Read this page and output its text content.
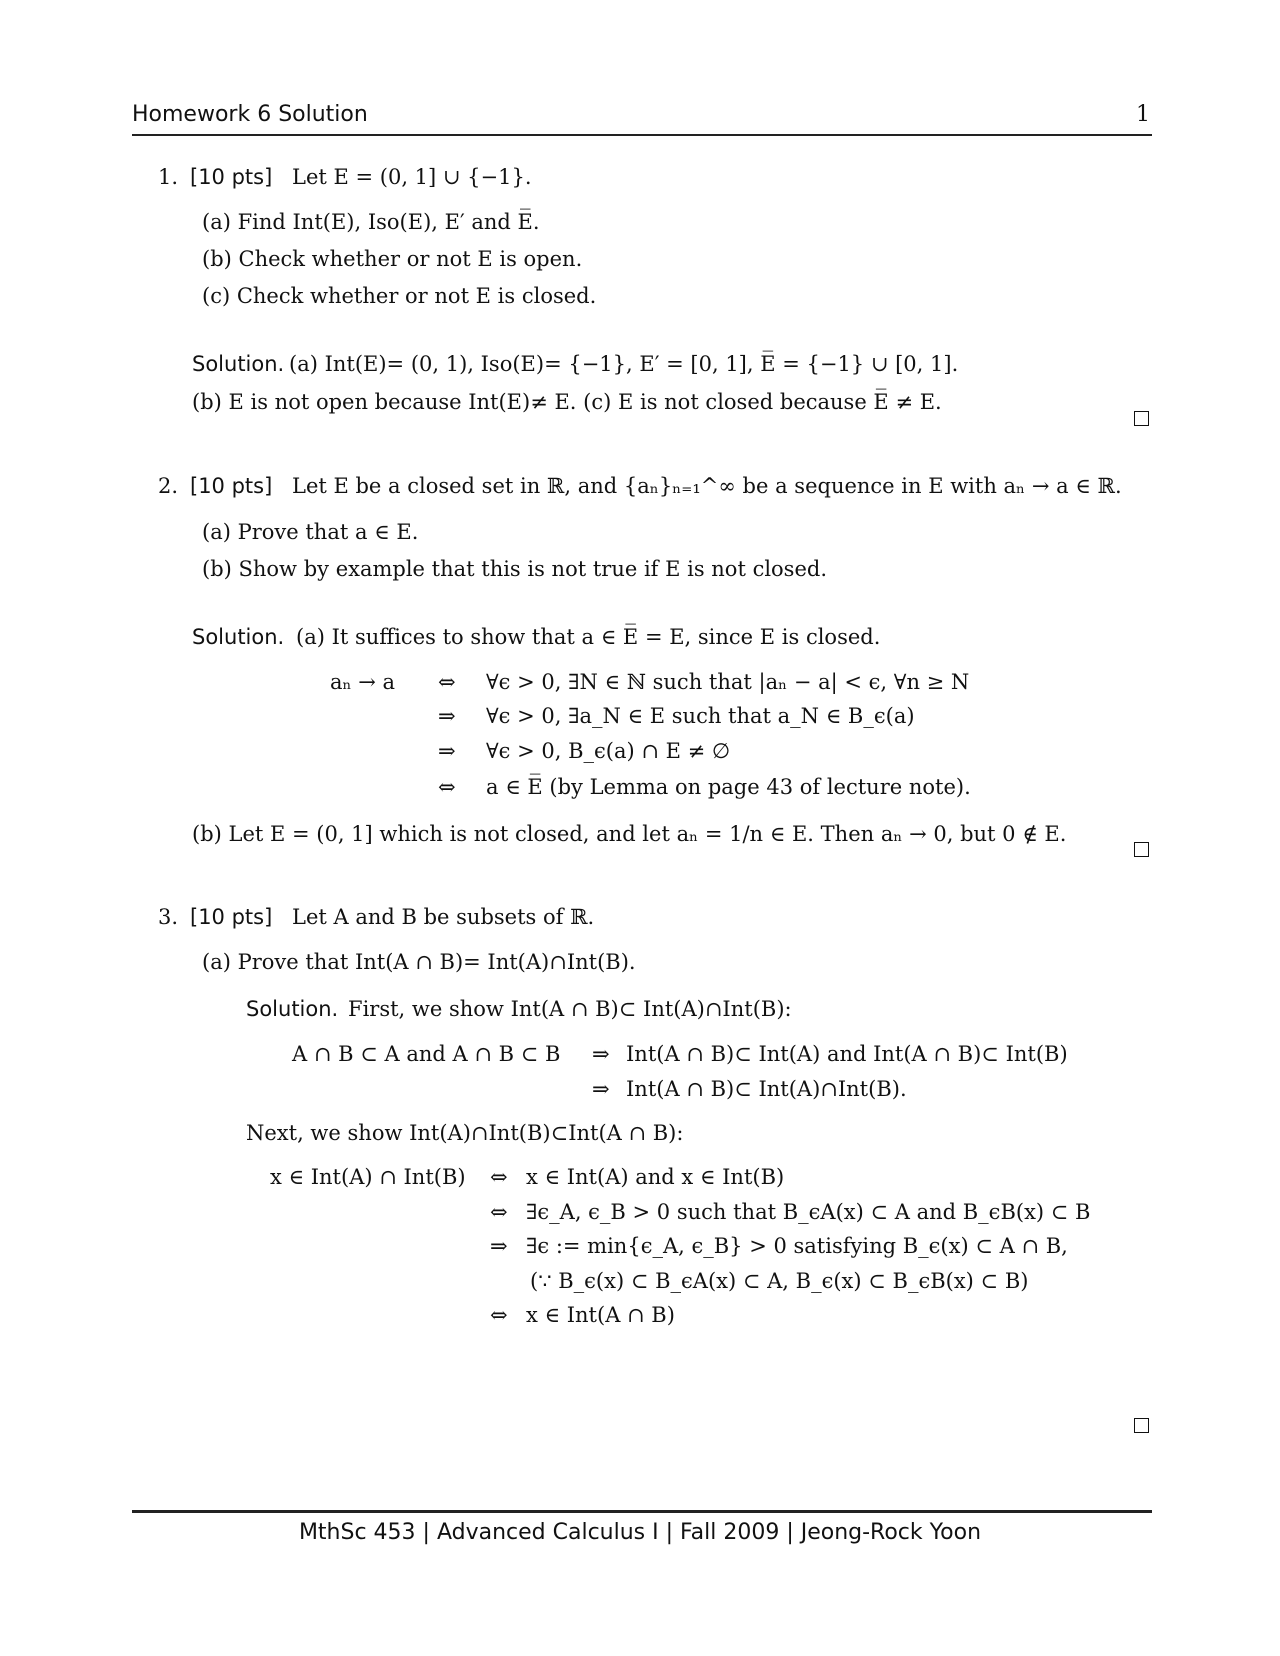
Homework 6 Solution	1
1. [10 pts] Let E = (0, 1] ∪ {−1}.
(a) Find Int(E), Iso(E), E′ and E̅.
(b) Check whether or not E is open.
(c) Check whether or not E is closed.
Solution. (a) Int(E)= (0, 1), Iso(E)= {−1}, E′ = [0, 1], E̅ = {−1} ∪ [0, 1].
(b) E is not open because Int(E)≠ E. (c) E is not closed because E̅ ≠ E.
2. [10 pts] Let E be a closed set in ℝ, and {aₙ}ₙ₌₁^∞ be a sequence in E with aₙ → a ∈ ℝ.
(a) Prove that a ∈ E.
(b) Show by example that this is not true if E is not closed.
Solution. (a) It suffices to show that a ∈ E̅ = E, since E is closed.
aₙ → a ⇔ ∀ϵ > 0, ∃N ∈ ℕ such that |aₙ − a| < ϵ, ∀n ≥ N
⇒ ∀ϵ > 0, ∃a_N ∈ E such that a_N ∈ B_ϵ(a)
⇒ ∀ϵ > 0, B_ϵ(a) ∩ E ≠ ∅
⇔ a ∈ E̅ (by Lemma on page 43 of lecture note).
(b) Let E = (0, 1] which is not closed, and let aₙ = 1/n ∈ E. Then aₙ → 0, but 0 ∉ E.
3. [10 pts] Let A and B be subsets of ℝ.
(a) Prove that Int(A ∩ B)= Int(A)∩Int(B).
Solution. First, we show Int(A ∩ B)⊂ Int(A)∩Int(B):
A ∩ B ⊂ A and A ∩ B ⊂ B ⇒ Int(A ∩ B)⊂ Int(A) and Int(A ∩ B)⊂ Int(B)
⇒ Int(A ∩ B)⊂ Int(A)∩Int(B).
Next, we show Int(A)∩Int(B)⊂Int(A ∩ B):
x ∈ Int(A) ∩ Int(B) ⇔ x ∈ Int(A) and x ∈ Int(B)
⇔ ∃ϵ_A, ϵ_B > 0 such that B_ϵA(x) ⊂ A and B_ϵB(x) ⊂ B
⇒ ∃ϵ := min{ϵ_A, ϵ_B} > 0 satisfying B_ϵ(x) ⊂ A ∩ B,
(∵ B_ϵ(x) ⊂ B_ϵA(x) ⊂ A, B_ϵ(x) ⊂ B_ϵB(x) ⊂ B)
⇔ x ∈ Int(A ∩ B)
MthSc 453 | Advanced Calculus I | Fall 2009 | Jeong-Rock Yoon
